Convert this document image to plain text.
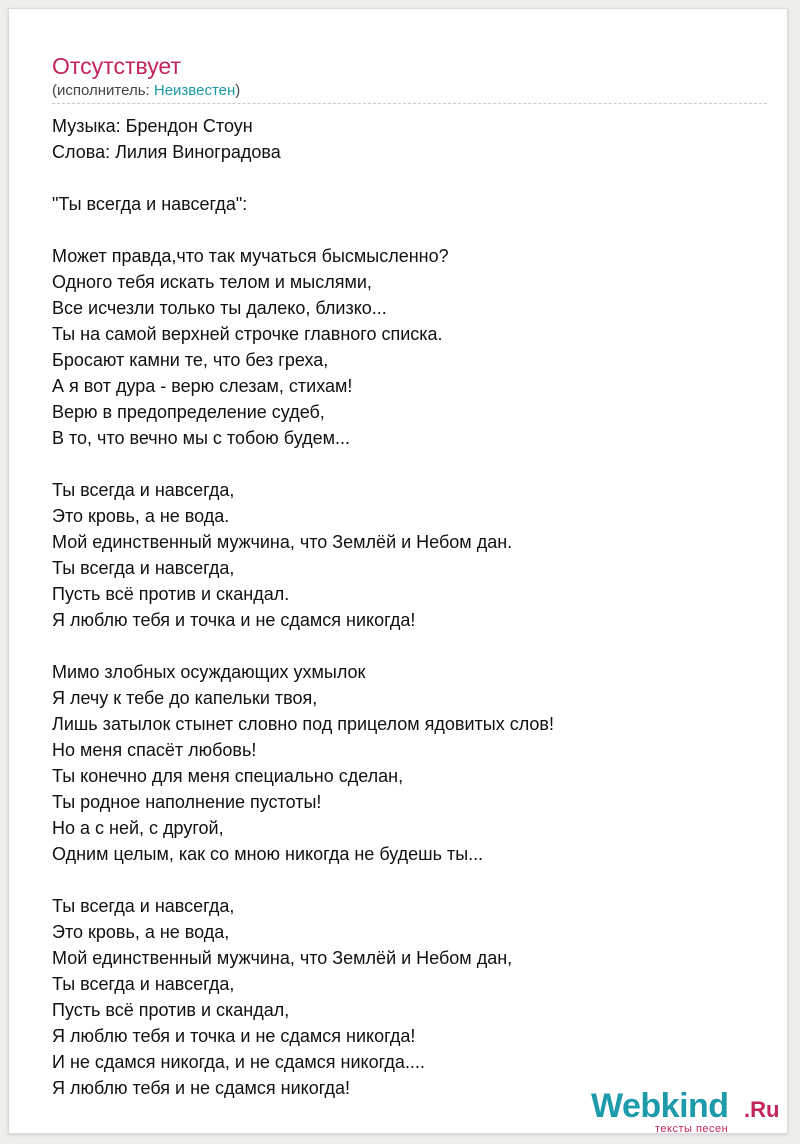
Отсутствует
(исполнитель: Неизвестен)
Музыка: Брендон Стоун
Слова: Лилия Виноградова
"Ты всегда и навсегда":
Может правда,что так мучаться бысмысленно?
Одного тебя искать телом и мыслями,
Все исчезли только ты далеко, близко...
Ты на самой верхней строчке главного списка.
Бросают камни те, что без греха,
А я вот дура - верю слезам, стихам!
Верю в предопределение судеб,
В то, что вечно мы с тобою будем...
Ты всегда и навсегда,
Это кровь, а не вода.
Мой единственный мужчина, что Землёй и Небом дан.
Ты всегда и навсегда,
Пусть всё против и скандал.
Я люблю тебя и точка и не сдамся никогда!
Мимо злобных осуждающих ухмылок
Я лечу к тебе до капельки твоя,
Лишь затылок стынет словно под прицелом ядовитых слов!
Но меня спасёт любовь!
Ты конечно для меня специально сделан,
Ты родное наполнение пустоты!
Но а с ней, с другой,
Одним целым, как со мною никогда не будешь ты...
Ты всегда и навсегда,
Это кровь, а не вода,
Мой единственный мужчина, что Землёй и Небом дан,
Ты всегда и навсегда,
Пусть всё против и скандал,
Я люблю тебя и точка и не сдамся никогда!
И не сдамся никогда, и не сдамся никогда....
Я люблю тебя и не сдамся никогда!	Webkind .Ru
тексты песен
